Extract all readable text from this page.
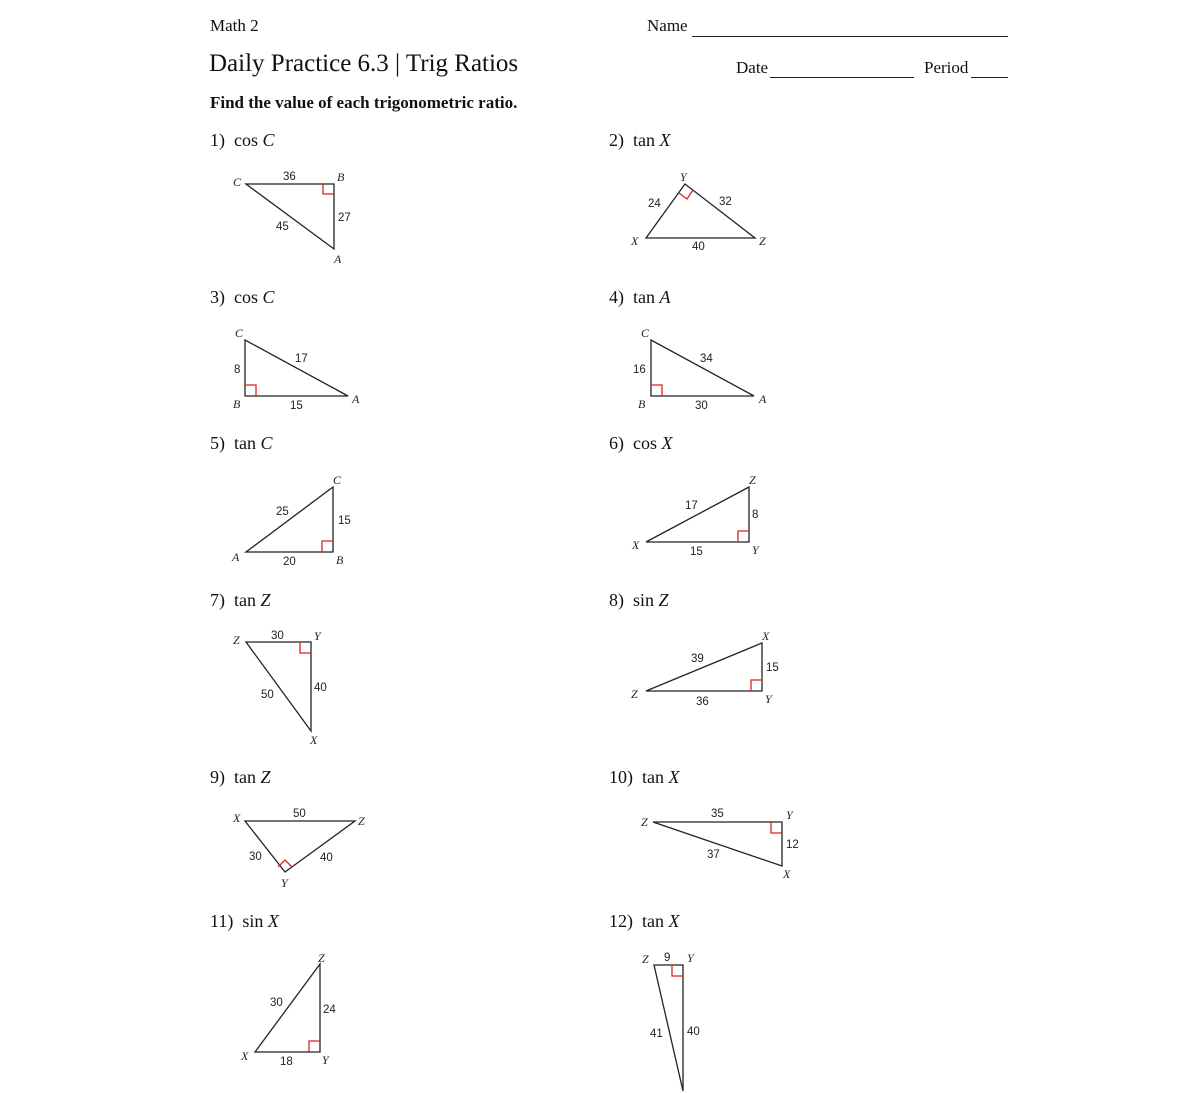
Math 2
Daily Practice 6.3 | Trig Ratios
Find the value of each trigonometric ratio.
Name
Date	Period
1) cos C	2) tan X
3) cos C	4) tan A
5) tan C	6) cos X
7) tan Z	8) sin Z
9) tan Z	10) tan X
11) sin X	12) tan X
C	B
A
36
27
45
Y
X	Z
24	32
40
C
B	A
8
15
17
C
B	A
16
30
34
C
A	B
25
15
20
Z
X	Y
17
8
15
Z	Y
X
30
40
50
X
Z	Y
39
15
36
X	Z
Y
50
30	40
Z	Y
X
35
12
37
Z
X	Y
30
24
18
Z	Y
9
41 40
